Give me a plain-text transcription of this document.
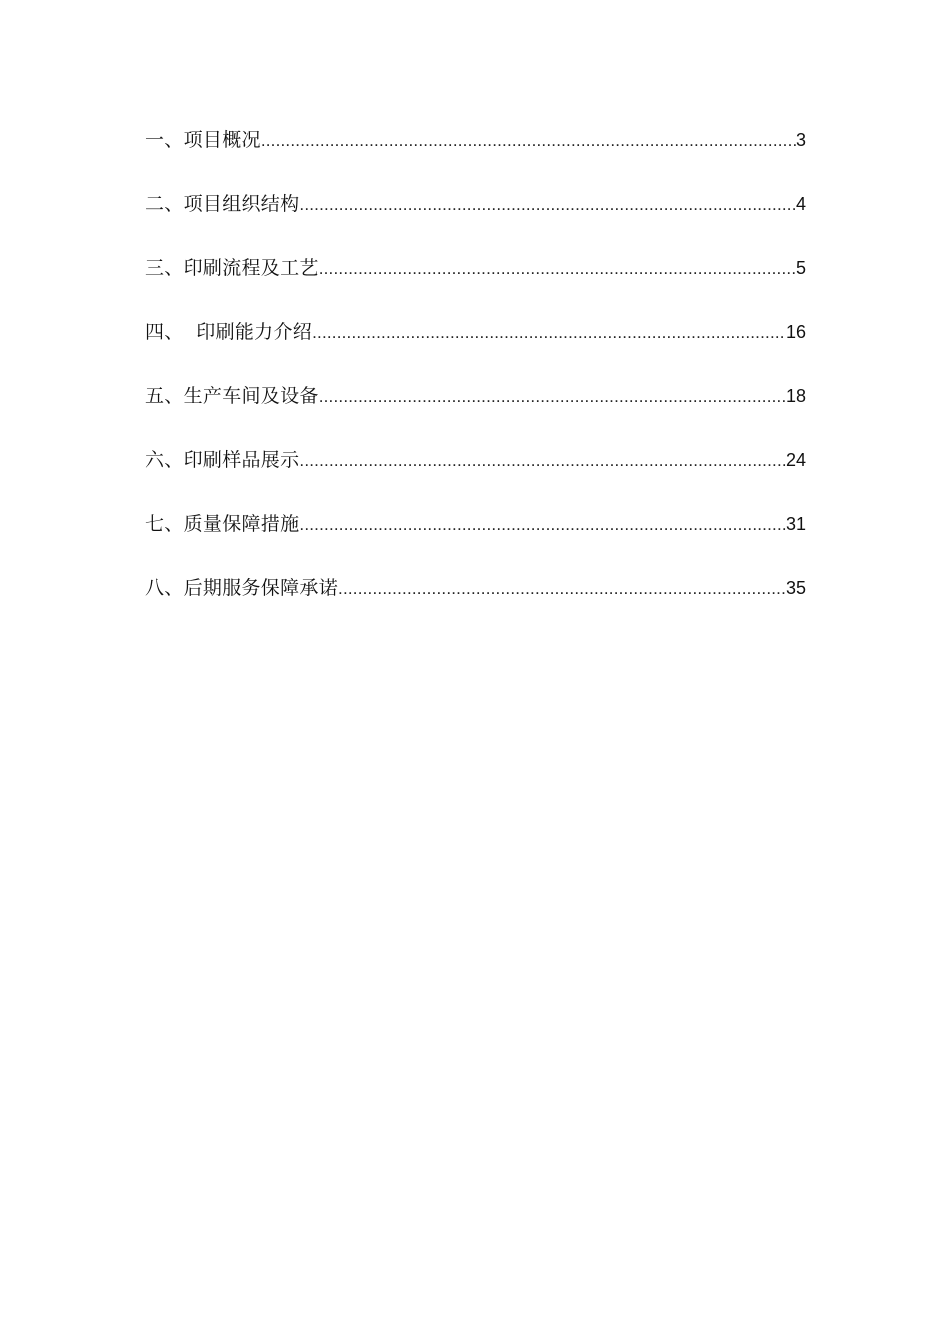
一、项目概况 .....	3
二、项目组织结构 .....	4
三、印刷流程及工艺 .....	5
四、  印刷能力介绍 .....	16
五、生产车间及设备 .....	18
六、印刷样品展示 .....	24
七、质量保障措施 .....	31
八、后期服务保障承诺 .....	35
